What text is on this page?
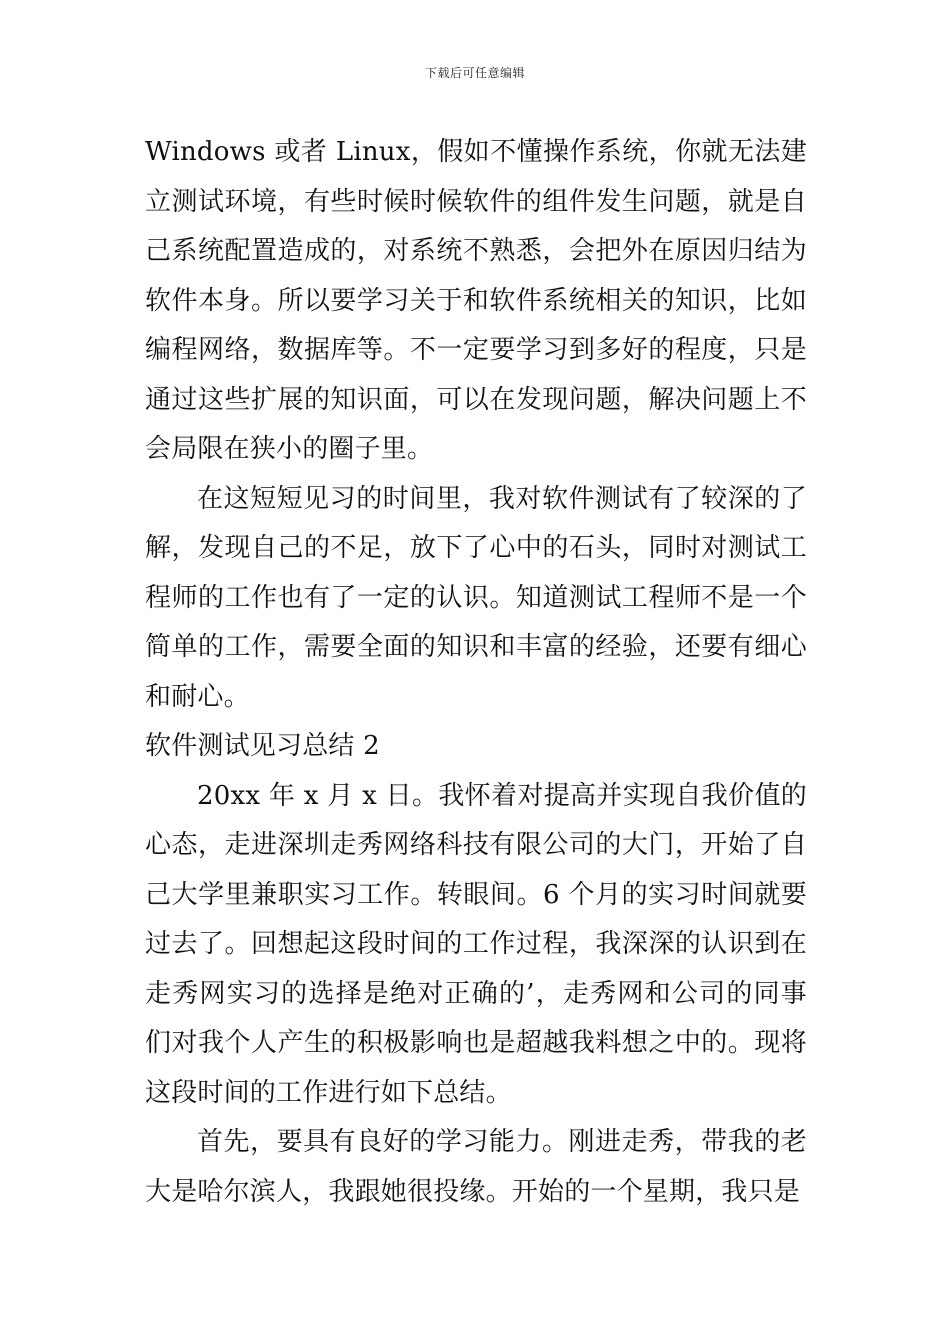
下载后可任意编辑

Windows 或者 Linux，假如不懂操作系统，你就无法建立测试环境，有些时候时候软件的组件发生问题，就是自己系统配置造成的，对系统不熟悉，会把外在原因归结为软件本身。所以要学习关于和软件系统相关的知识，比如编程网络，数据库等。不一定要学习到多好的程度，只是通过这些扩展的知识面，可以在发现问题，解决问题上不会局限在狭小的圈子里。

在这短短见习的时间里，我对软件测试有了较深的了解，发现自己的不足，放下了心中的石头，同时对测试工程师的工作也有了一定的认识。知道测试工程师不是一个简单的工作，需要全面的知识和丰富的经验，还要有细心和耐心。

软件测试见习总结 2

20xx 年 x 月 x 日。我怀着对提高并实现自我价值的心态，走进深圳走秀网络科技有限公司的大门，开始了自己大学里兼职实习工作。转眼间。6 个月的实习时间就要过去了。回想起这段时间的工作过程，我深深的认识到在走秀网实习的选择是绝对正确的’，走秀网和公司的同事们对我个人产生的积极影响也是超越我料想之中的。现将这段时间的工作进行如下总结。

首先，要具有良好的学习能力。刚进走秀，带我的老大是哈尔滨人，我跟她很投缘。开始的一个星期，我只是
